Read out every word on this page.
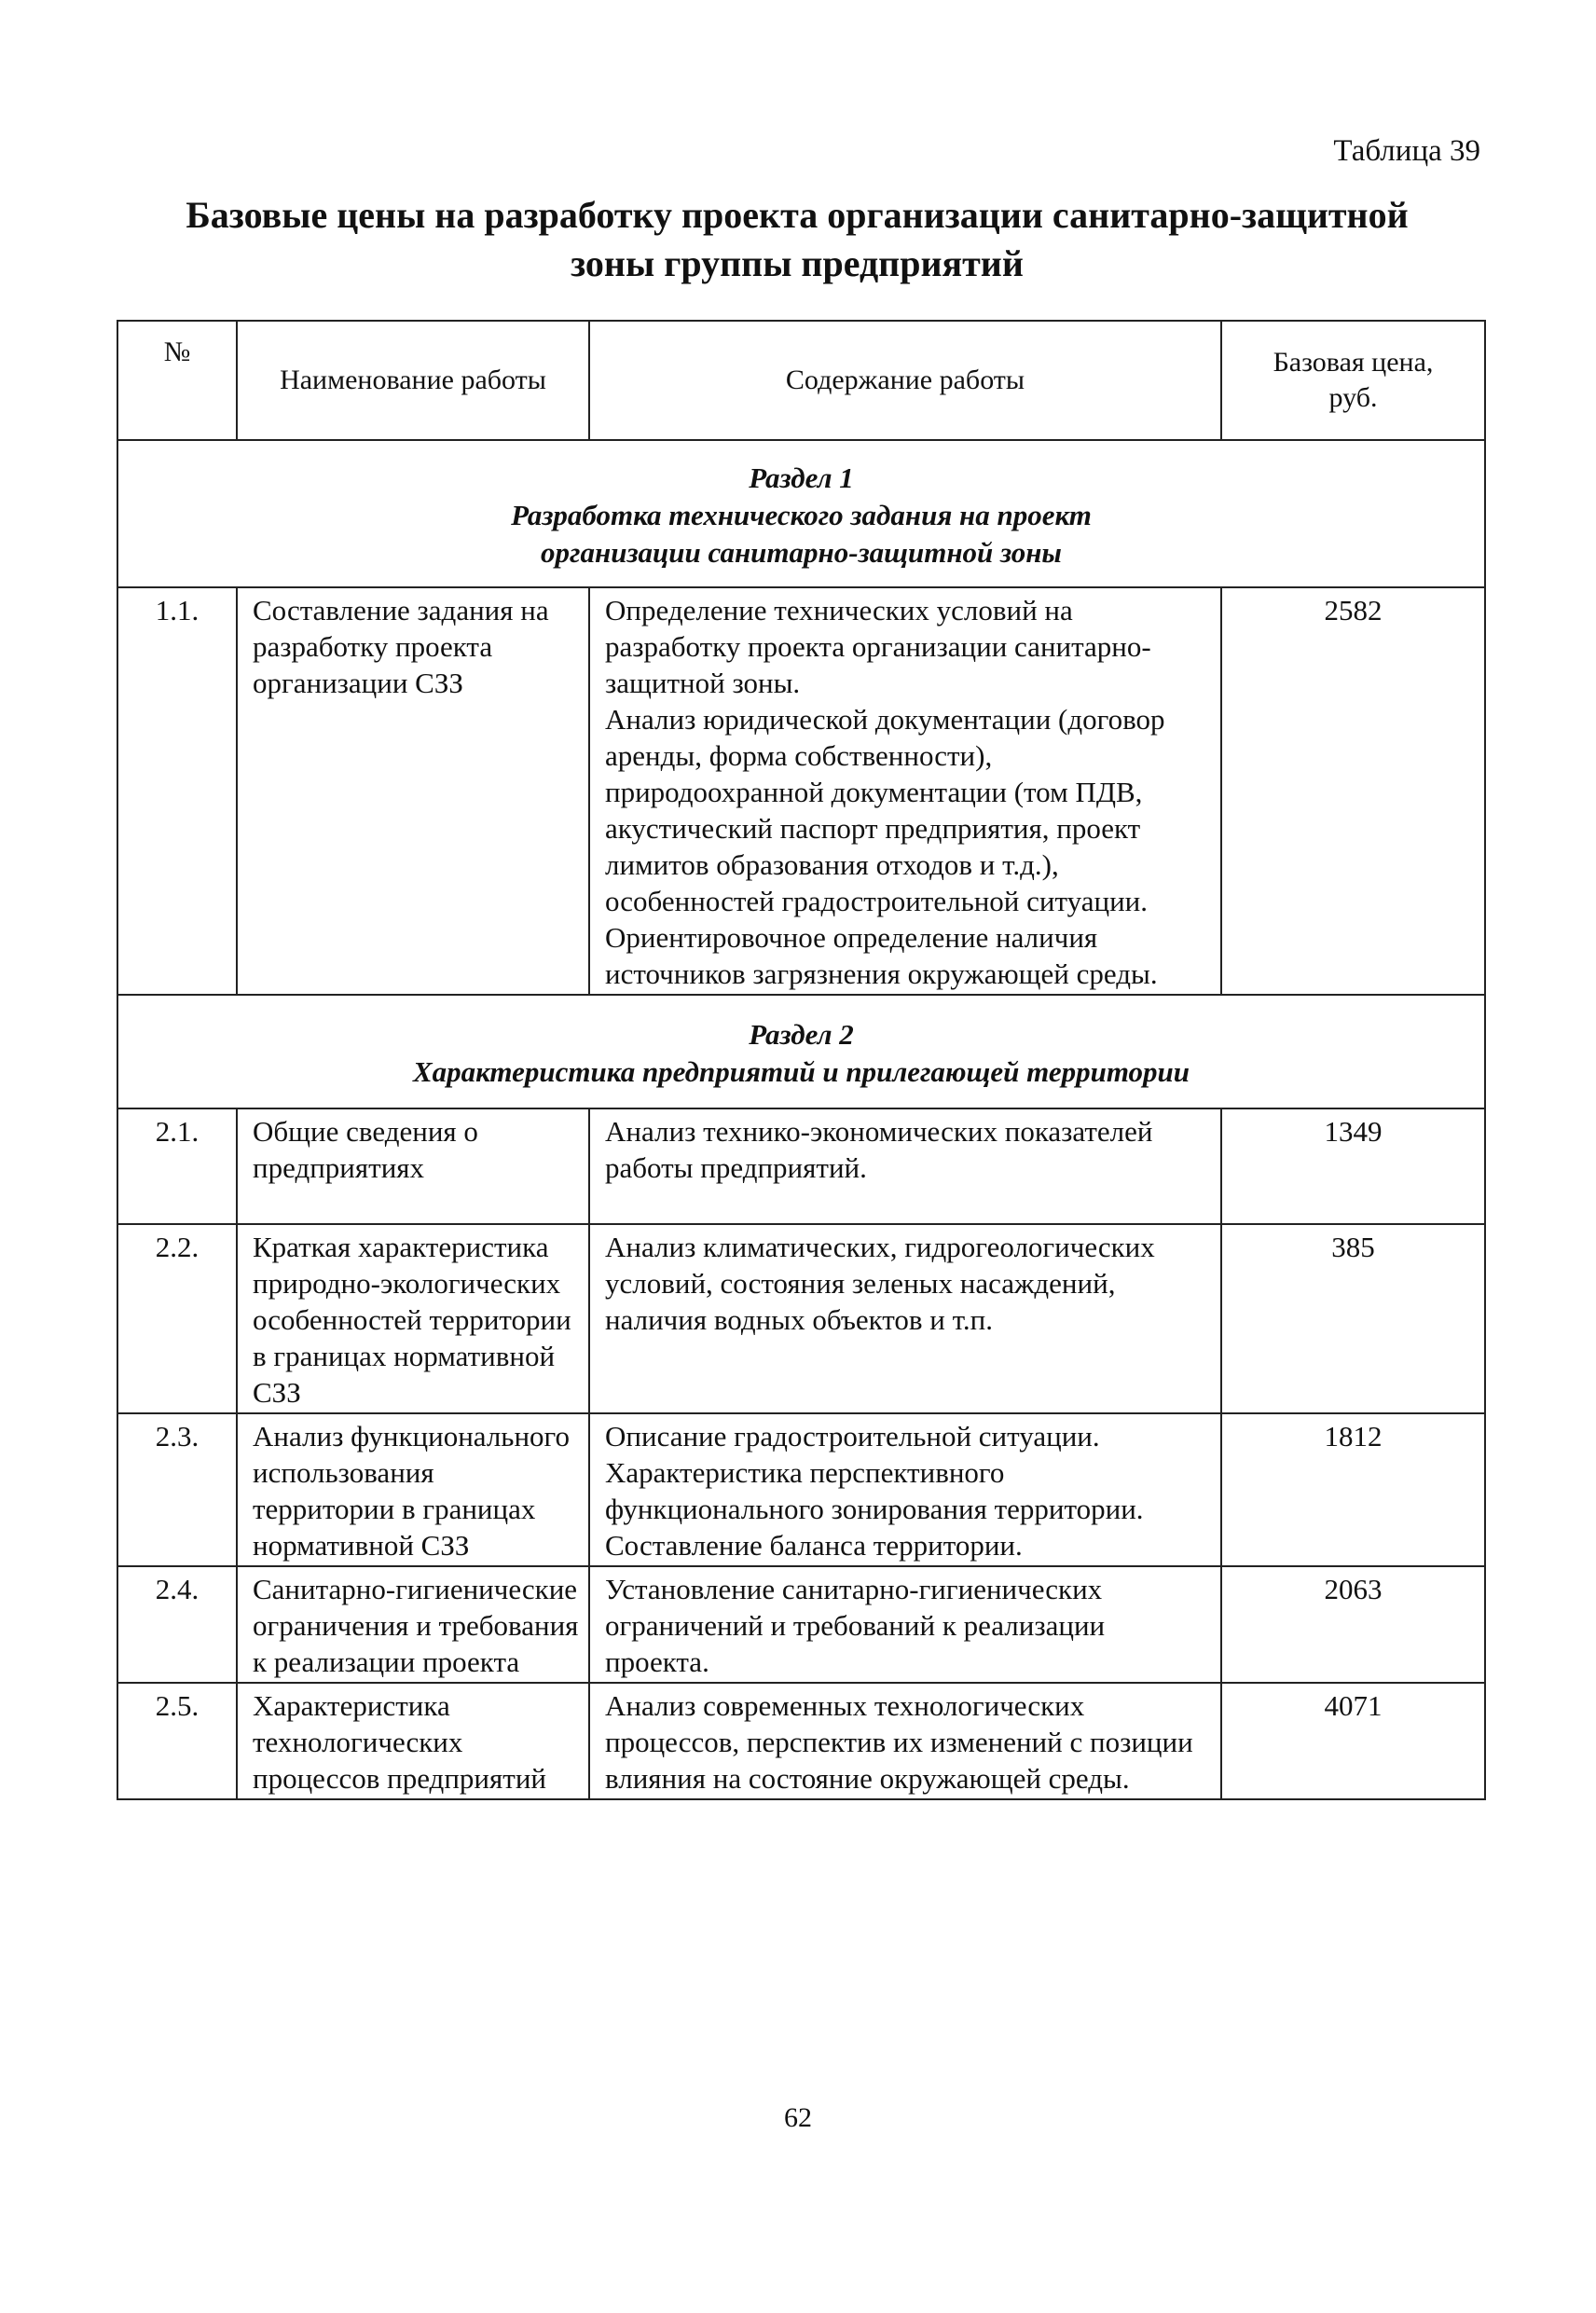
Таблица 39
Базовые цены на разработку проекта организации санитарно-защитной
зоны группы предприятий
№	Наименование работы	Содержание работы	Базовая цена, руб.

Раздел 1
Разработка технического задания на проект
организации санитарно-защитной зоны			

1.1.	Составление задания на разработку проекта организации СЗЗ	Определение технических условий на разработку проекта организации санитарно-защитной зоны.
Анализ юридической документации (договор аренды, форма собственности), природоохранной документации (том ПДВ, акустический паспорт предприятия, проект лимитов образования отходов и т.д.), особенностей градостроительной ситуации.
Ориентировочное определение наличия источников загрязнения окружающей среды.	2582

Раздел 2
Характеристика предприятий и прилегающей территории			

2.1.	Общие сведения о предприятиях	Анализ технико-экономических показателей работы предприятий.	1349
2.2.	Краткая характеристика природно-экологических особенностей территории в границах нормативной СЗЗ	Анализ климатических, гидрогеологических условий, состояния зеленых насаждений, наличия водных объектов и т.п.	385
2.3.	Анализ функционального использования территории в границах нормативной СЗЗ	Описание градостроительной ситуации.
Характеристика перспективного функционального зонирования территории.
Составление баланса территории.	1812
2.4.	Санитарно-гигиенические ограничения и требования к реализации проекта	Установление санитарно-гигиенических ограничений и требований к реализации проекта.	2063
2.5.	Характеристика технологических процессов предприятий	Анализ современных технологических процессов, перспектив их изменений с позиции влияния на состояние окружающей среды.	4071
62
